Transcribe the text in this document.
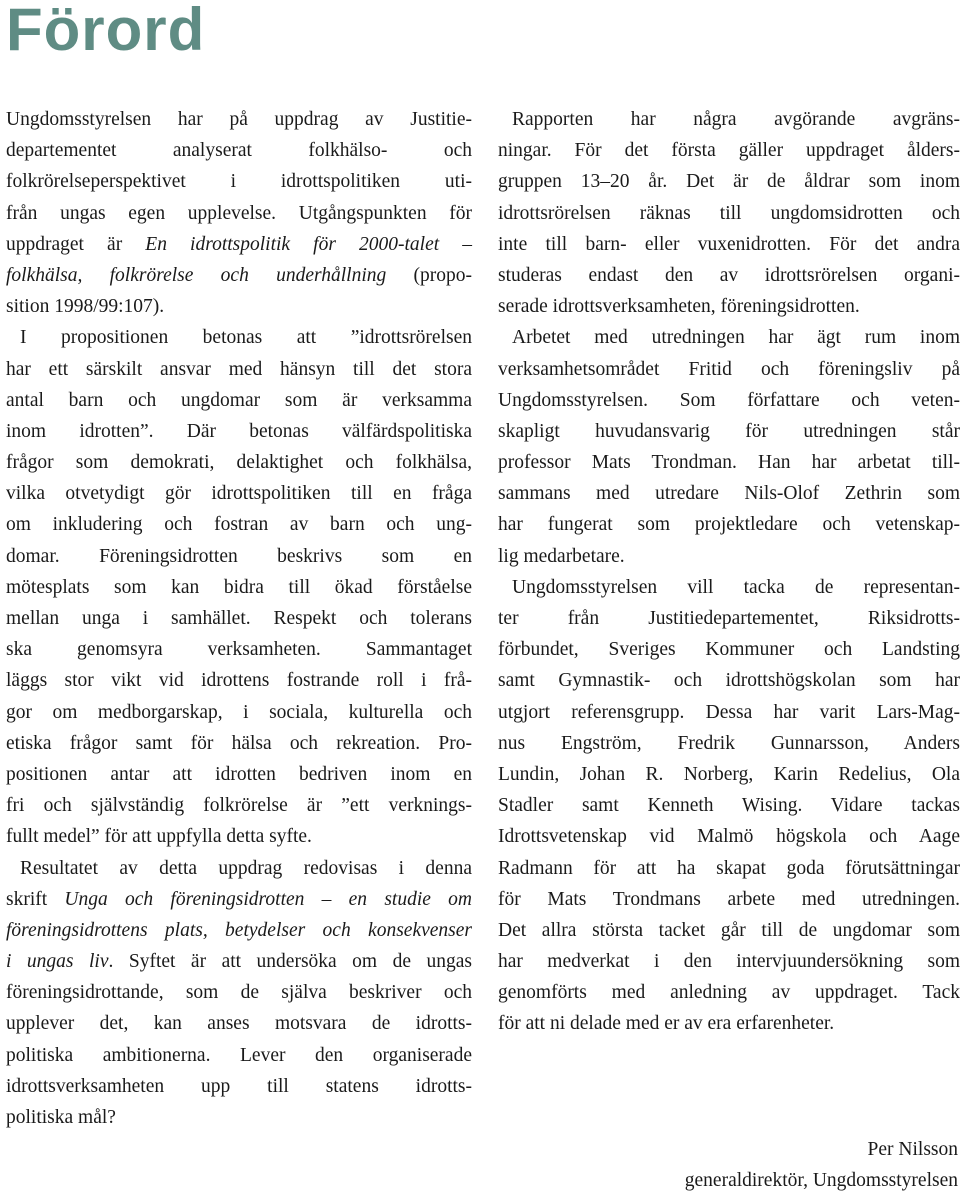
Förord
Ungdomsstyrelsen har på uppdrag av Justitie-
departementet analyserat folkhälso- och
folkrörelseperspektivet i idrottspolitiken uti-
från ungas egen upplevelse. Utgångspunkten för
uppdraget är En idrottspolitik för 2000-talet –
folkhälsa, folkrörelse och underhållning (propo-
sition 1998/99:107).
I propositionen betonas att ”idrottsrörelsen
har ett särskilt ansvar med hänsyn till det stora
antal barn och ungdomar som är verksamma
inom idrotten”. Där betonas välfärdspolitiska
frågor som demokrati, delaktighet och folkhälsa,
vilka otvetydigt gör idrottspolitiken till en fråga
om inkludering och fostran av barn och ung-
domar. Föreningsidrotten beskrivs som en
mötesplats som kan bidra till ökad förståelse
mellan unga i samhället. Respekt och tolerans
ska genomsyra verksamheten. Sammantaget
läggs stor vikt vid idrottens fostrande roll i frå-
gor om medborgarskap, i sociala, kulturella och
etiska frågor samt för hälsa och rekreation. Pro-
positionen antar att idrotten bedriven inom en
fri och självständig folkrörelse är ”ett verknings-
fullt medel” för att uppfylla detta syfte.
Resultatet av detta uppdrag redovisas i denna
skrift Unga och föreningsidrotten – en studie om
föreningsidrottens plats, betydelser och konsekvenser
i ungas liv. Syftet är att undersöka om de ungas
föreningsidrottande, som de själva beskriver och
upplever det, kan anses motsvara de idrotts-
politiska ambitionerna. Lever den organiserade
idrottsverksamheten upp till statens idrotts-
politiska mål?
Rapporten har några avgörande avgräns-
ningar. För det första gäller uppdraget ålders-
gruppen 13–20 år. Det är de åldrar som inom
idrottsrörelsen räknas till ungdomsidrotten och
inte till barn- eller vuxenidrotten. För det andra
studeras endast den av idrottsrörelsen organi-
serade idrottsverksamheten, föreningsidrotten.
Arbetet med utredningen har ägt rum inom
verksamhetsområdet Fritid och föreningsliv på
Ungdomsstyrelsen. Som författare och veten-
skapligt huvudansvarig för utredningen står
professor Mats Trondman. Han har arbetat till-
sammans med utredare Nils-Olof Zethrin som
har fungerat som projektledare och vetenskap-
lig medarbetare.
Ungdomsstyrelsen vill tacka de representan-
ter från Justitiedepartementet, Riksidrotts-
förbundet, Sveriges Kommuner och Landsting
samt Gymnastik- och idrottshögskolan som har
utgjort referensgrupp. Dessa har varit Lars-Mag-
nus Engström, Fredrik Gunnarsson, Anders
Lundin, Johan R. Norberg, Karin Redelius, Ola
Stadler samt Kenneth Wising. Vidare tackas
Idrottsvetenskap vid Malmö högskola och Aage
Radmann för att ha skapat goda förutsättningar
för Mats Trondmans arbete med utredningen.
Det allra största tacket går till de ungdomar som
har medverkat i den intervjuundersökning som
genomförts med anledning av uppdraget. Tack
för att ni delade med er av era erfarenheter.
Per Nilsson
generaldirektör, Ungdomsstyrelsen
